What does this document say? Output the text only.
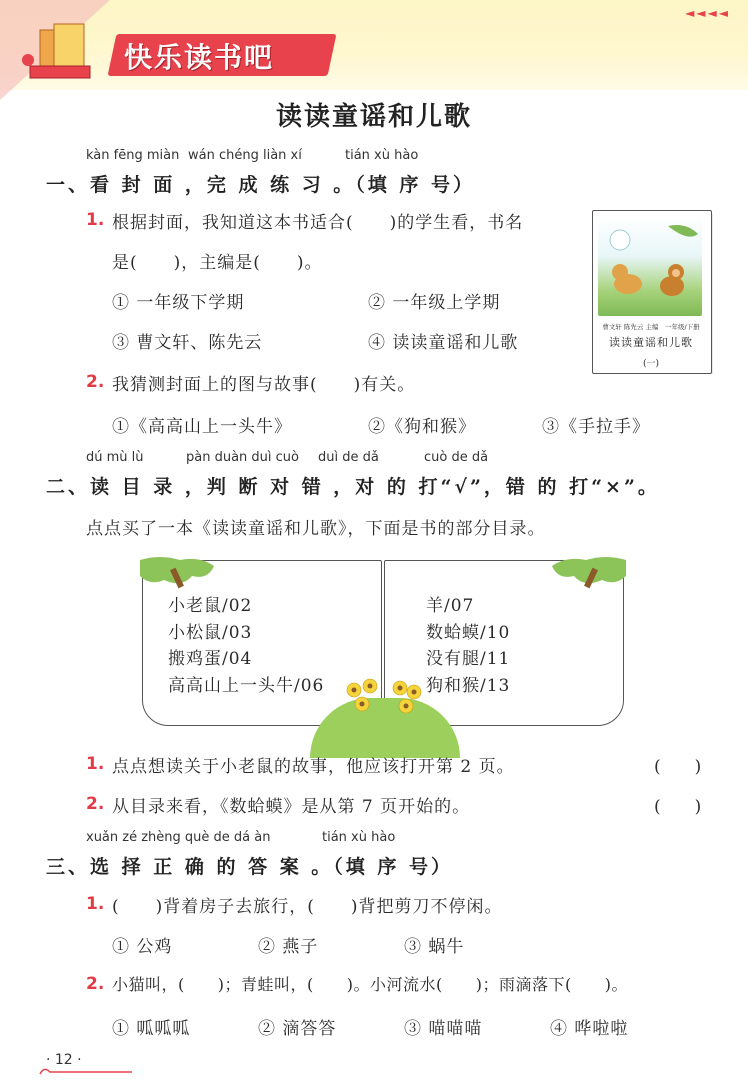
快乐读书吧
◄◄◄◄
读读童谣和儿歌
kàn fēng miàn wán chéng liàn xí	tián xù hào
一、看 封 面 ，完 成 练 习 。（填 序 号）
1. 根据封面，我知道这本书适合(　　)的学生看，书名
是(　　)，主编是(　　)。
① 一年级下学期	② 一年级上学期
③ 曹文轩、陈先云	④ 读读童谣和儿歌
2. 我猜测封面上的图与故事(　　)有关。
①《高高山上一头牛》	②《狗和猴》	③《手拉手》
曹文轩 陈先云 主编　一年级/下册
读读童谣和儿歌
(一)
dú mù lù	pàn duàn duì cuò duì de dǎ	cuò de dǎ
二、读 目 录 ，判 断 对 错 ，对 的 打“√”，错 的 打“×”。
点点买了一本《读读童谣和儿歌》，下面是书的部分目录。
小老鼠/02
小松鼠/03
搬鸡蛋/04
高高山上一头牛/06
羊/07
数蛤蟆/10
没有腿/11
狗和猴/13
1. 点点想读关于小老鼠的故事，他应该打开第 2 页。	(　　)
2. 从目录来看，《数蛤蟆》是从第 7 页开始的。	(　　)
xuǎn zé zhèng què de dá àn	tián xù hào
三、选 择 正 确 的 答 案 。（填 序 号）
1. (　　)背着房子去旅行，(　　)背把剪刀不停闲。
① 公鸡	② 燕子	③ 蜗牛
2. 小猫叫，(　　)；青蛙叫，(　　)。小河流水(　　)；雨滴落下(　　)。
① 呱呱呱	② 滴答答	③ 喵喵喵	④ 哗啦啦
· 12 ·
